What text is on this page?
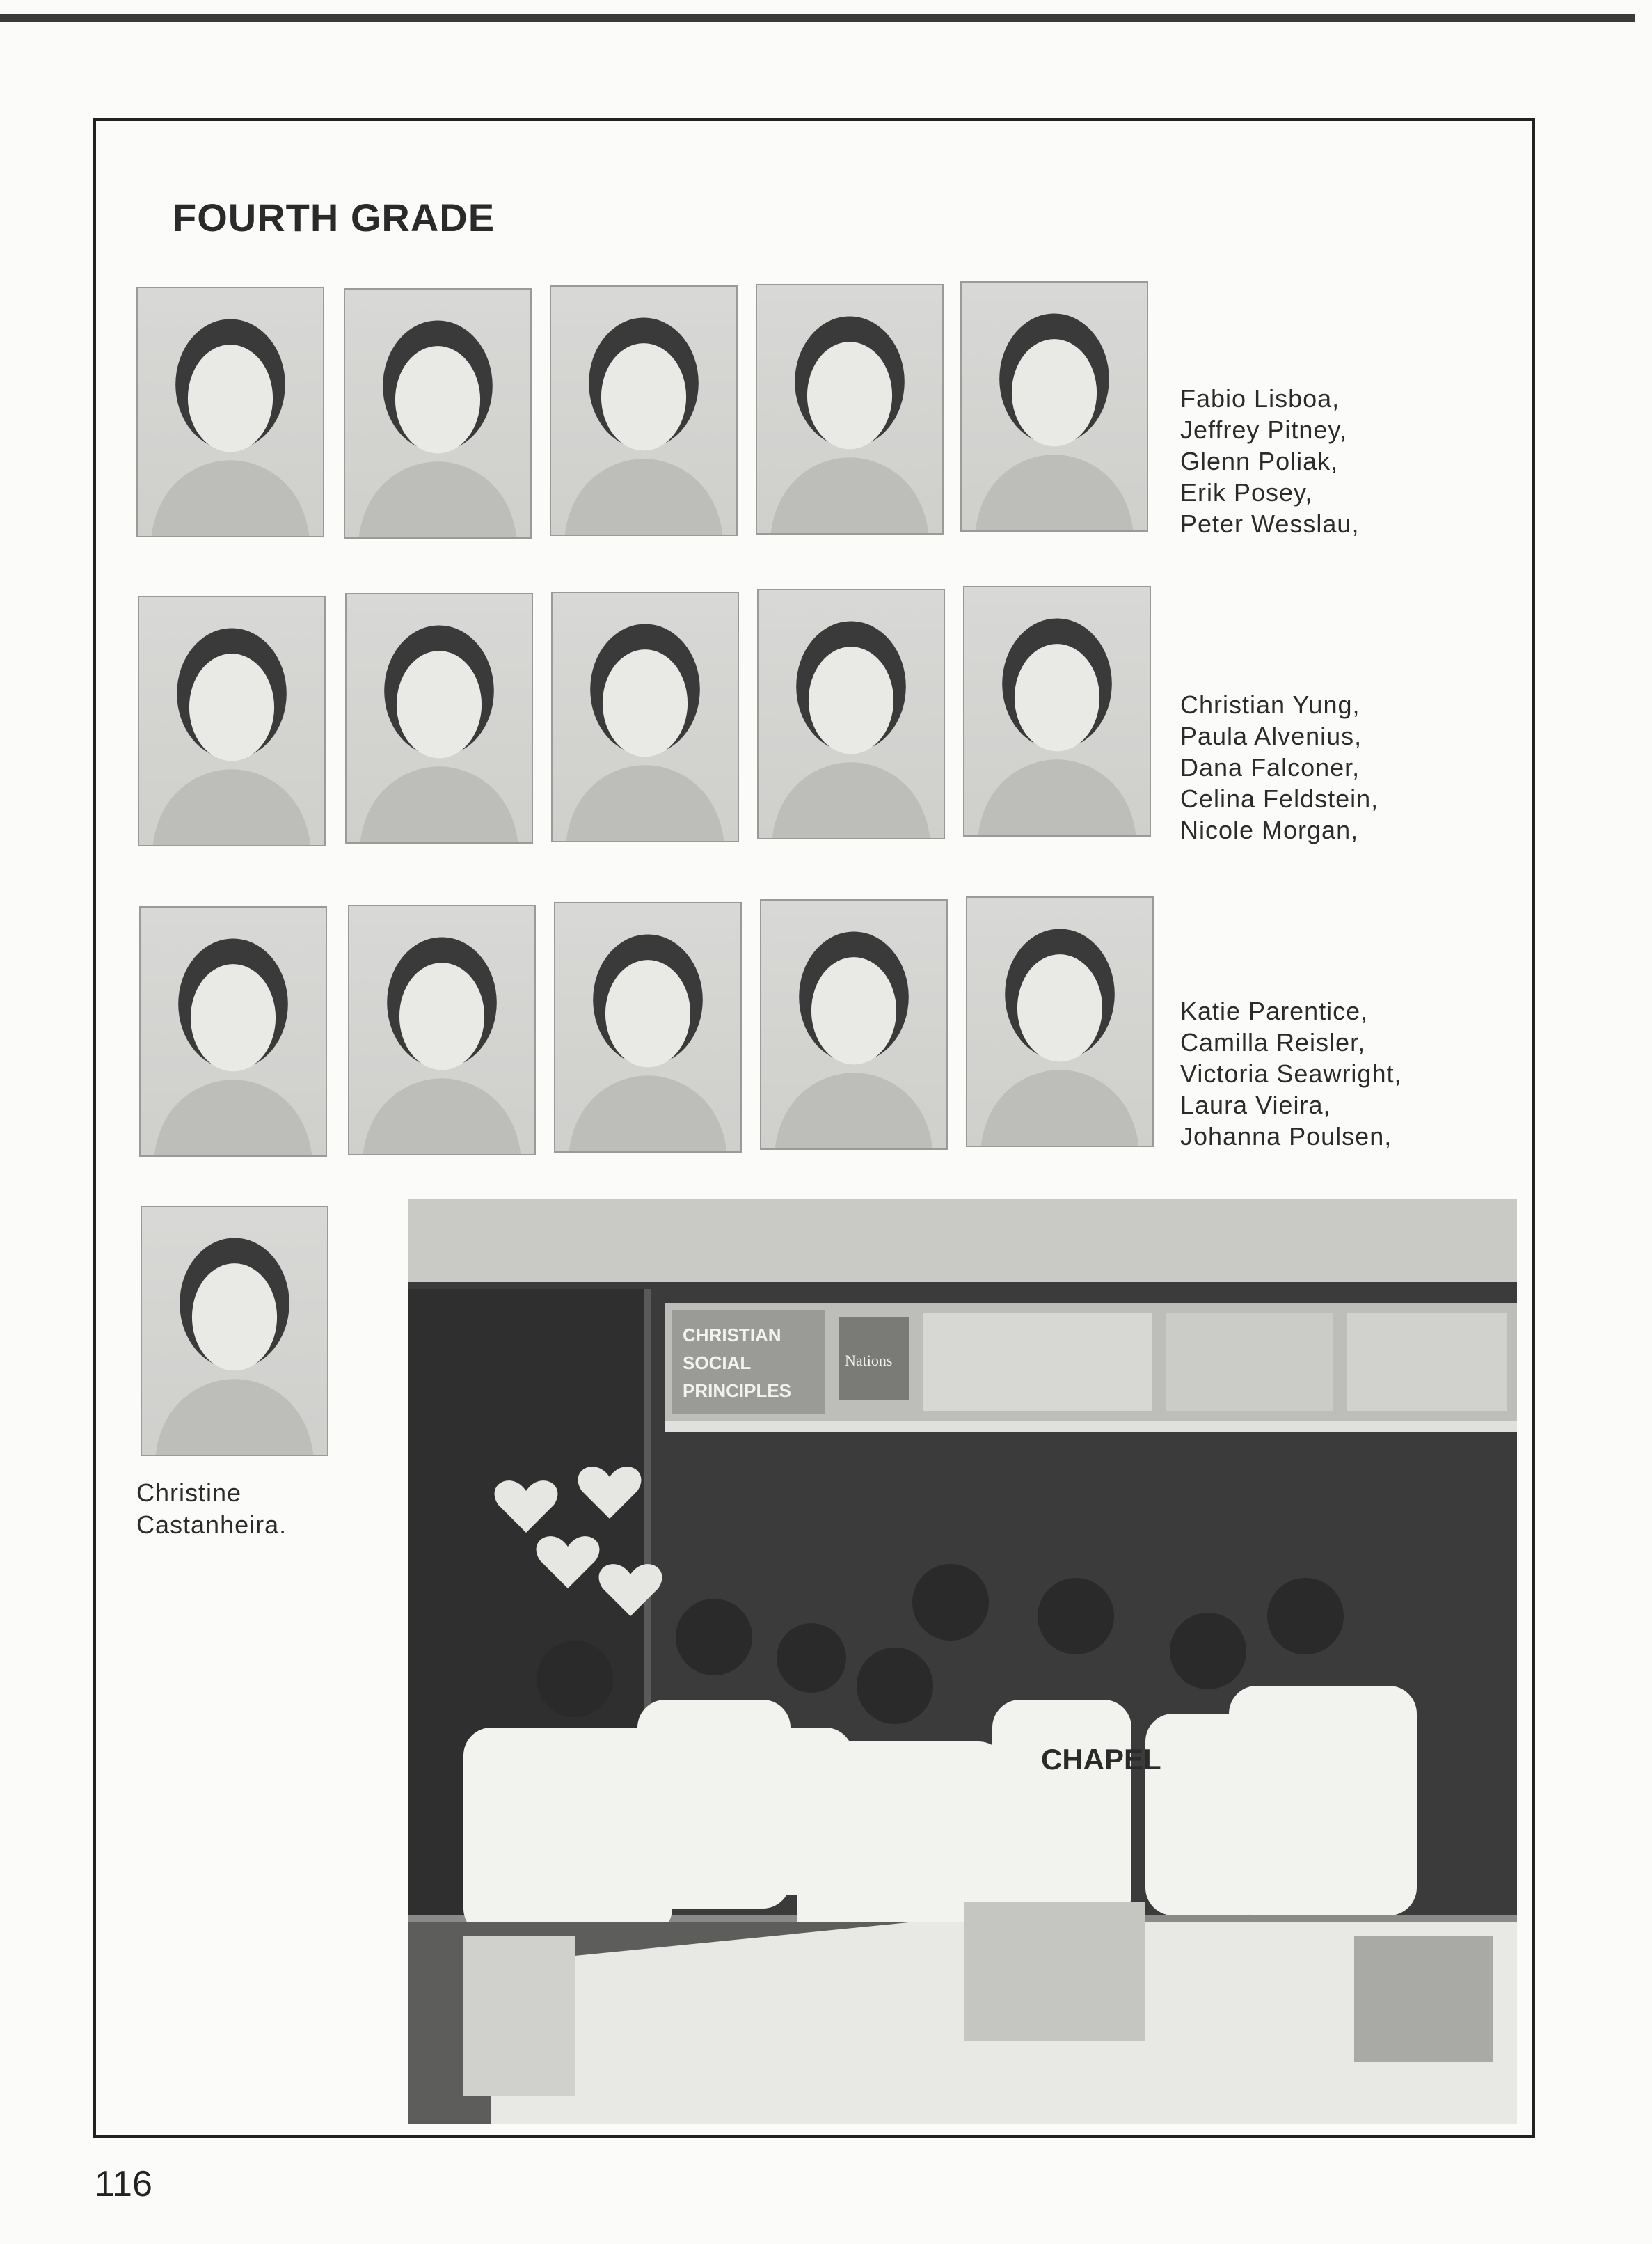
FOURTH GRADE
Fabio Lisboa,
Jeffrey Pitney,
Glenn Poliak,
Erik Posey,
Peter Wesslau,
Christian Yung,
Paula Alvenius,
Dana Falconer,
Celina Feldstein,
Nicole Morgan,
Katie Parentice,
Camilla Reisler,
Victoria Seawright,
Laura Vieira,
Johanna Poulsen,
Christine
Castanheira.
CHRISTIAN
SOCIAL
PRINCIPLES
Nations
CHAPEL
116
